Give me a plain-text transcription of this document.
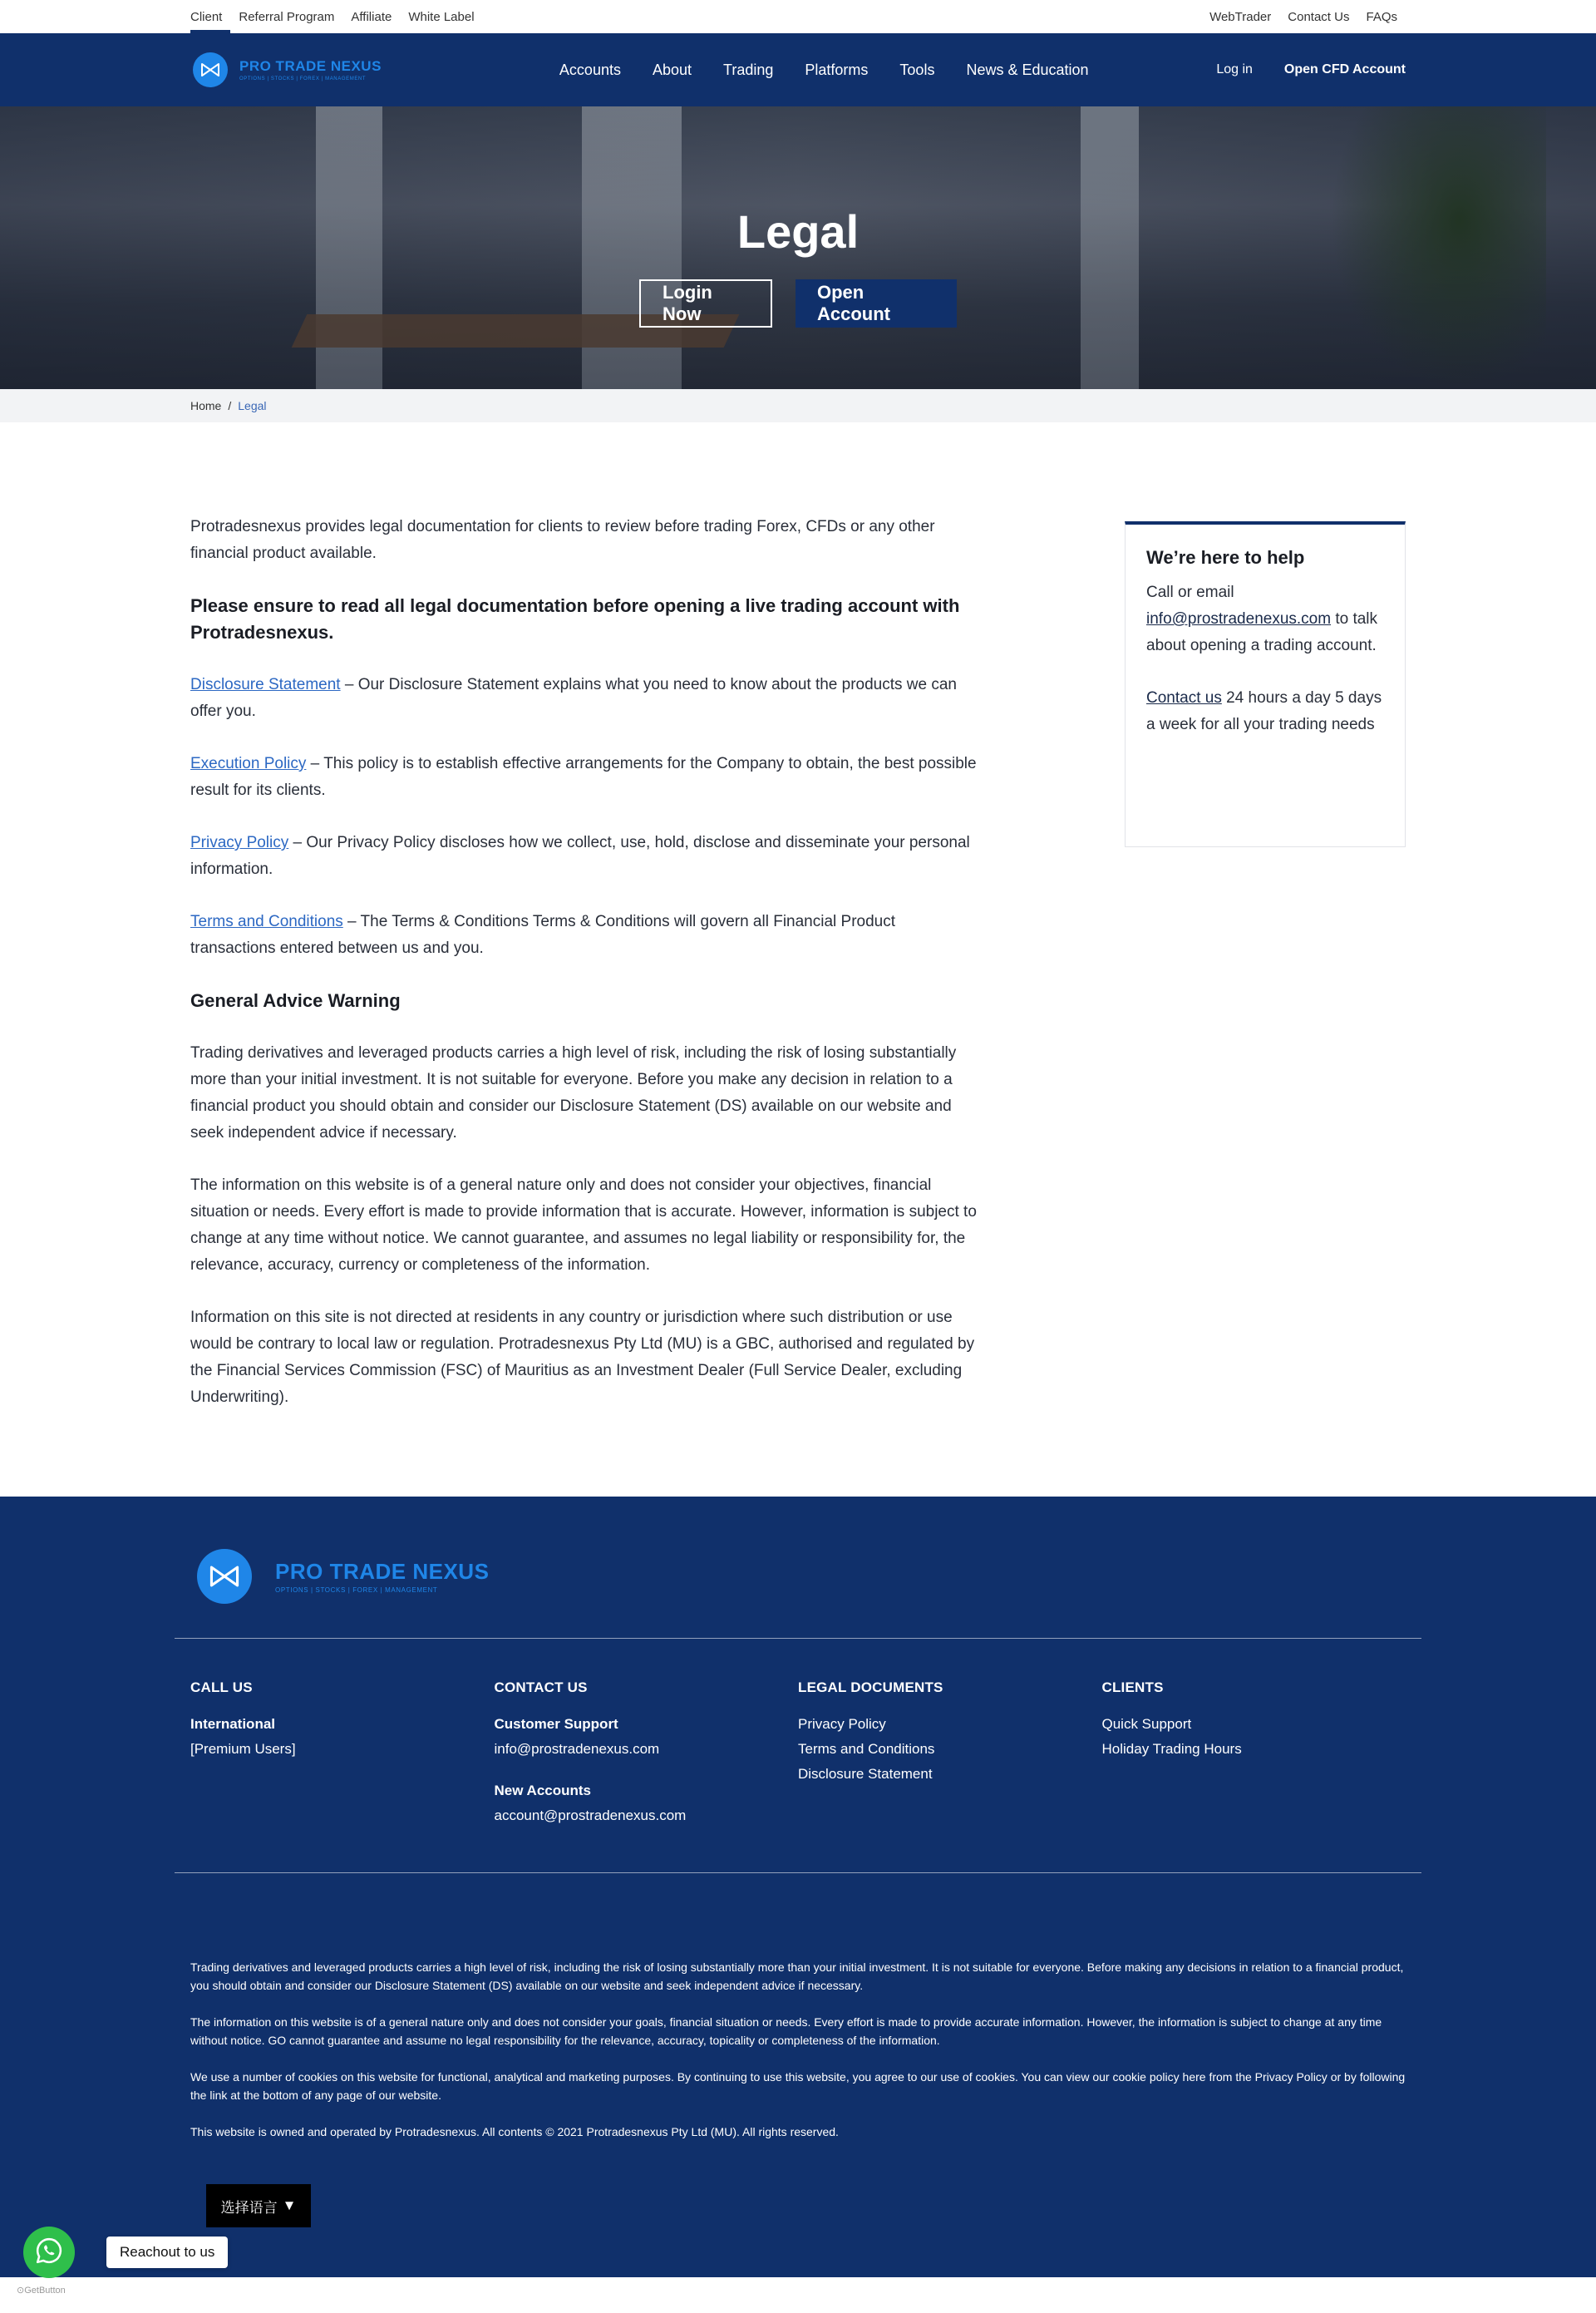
Client	Referral Program	Affiliate	White Label	WebTrader	Contact Us	FAQs
PRO TRADE NEXUS
OPTIONS | STOCKS | FOREX | MANAGEMENT
Accounts	About	Trading	Platforms	Tools	News & Education	Log in Open CFD Account
Legal
Login Now
Open Account
Home / Legal

Protradesnexus provides legal documentation for clients to review before trading Forex, CFDs or any other financial product available.

Please ensure to read all legal documentation before opening a live trading account with Protradesnexus.

Disclosure Statement – Our Disclosure Statement explains what you need to know about the products we can offer you.

Execution Policy – This policy is to establish effective arrangements for the Company to obtain, the best possible result for its clients.

Privacy Policy – Our Privacy Policy discloses how we collect, use, hold, disclose and disseminate your personal information.

Terms and Conditions – The Terms & Conditions Terms & Conditions will govern all Financial Product transactions entered between us and you.

General Advice Warning

Trading derivatives and leveraged products carries a high level of risk, including the risk of losing substantially more than your initial investment. It is not suitable for everyone. Before you make any decision in relation to a financial product you should obtain and consider our Disclosure Statement (DS) available on our website and seek independent advice if necessary.

The information on this website is of a general nature only and does not consider your objectives, financial situation or needs. Every effort is made to provide information that is accurate. However, information is subject to change at any time without notice. We cannot guarantee, and assumes no legal liability or responsibility for, the relevance, accuracy, currency or completeness of the information.

Information on this site is not directed at residents in any country or jurisdiction where such distribution or use would be contrary to local law or regulation. Protradesnexus Pty Ltd (MU) is a GBC, authorised and regulated by the Financial Services Commission (FSC) of Mauritius as an Investment Dealer (Full Service Dealer, excluding Underwriting).

We’re here to help

Call or email info@prostradenexus.com to talk about opening a trading account.

Contact us 24 hours a day 5 days a week for all your trading needs

PRO TRADE NEXUS
OPTIONS | STOCKS | FOREX | MANAGEMENT
CALL US
International
[Premium Users]
CONTACT US
Customer Support
info@prostradenexus.com
New Accounts
account@prostradenexus.com
LEGAL DOCUMENTS
Privacy Policy
Terms and Conditions
Disclosure Statement
CLIENTS
Quick Support
Holiday Trading Hours

Trading derivatives and leveraged products carries a high level of risk, including the risk of losing substantially more than your initial investment. It is not suitable for everyone. Before making any decisions in relation to a financial product, you should obtain and consider our Disclosure Statement (DS) available on our website and seek independent advice if necessary.

The information on this website is of a general nature only and does not consider your goals, financial situation or needs. Every effort is made to provide accurate information. However, the information is subject to change at any time without notice. GO cannot guarantee and assume no legal responsibility for the relevance, accuracy, topicality or completeness of the information.

We use a number of cookies on this website for functional, analytical and marketing purposes. By continuing to use this website, you agree to our use of cookies. You can view our cookie policy here from the Privacy Policy or by following the link at the bottom of any page of our website.

This website is owned and operated by Protradesnexus. All contents © 2021 Protradesnexus Pty Ltd (MU). All rights reserved.

选择语言 ▼
Reachout to us
⊙GetButton
